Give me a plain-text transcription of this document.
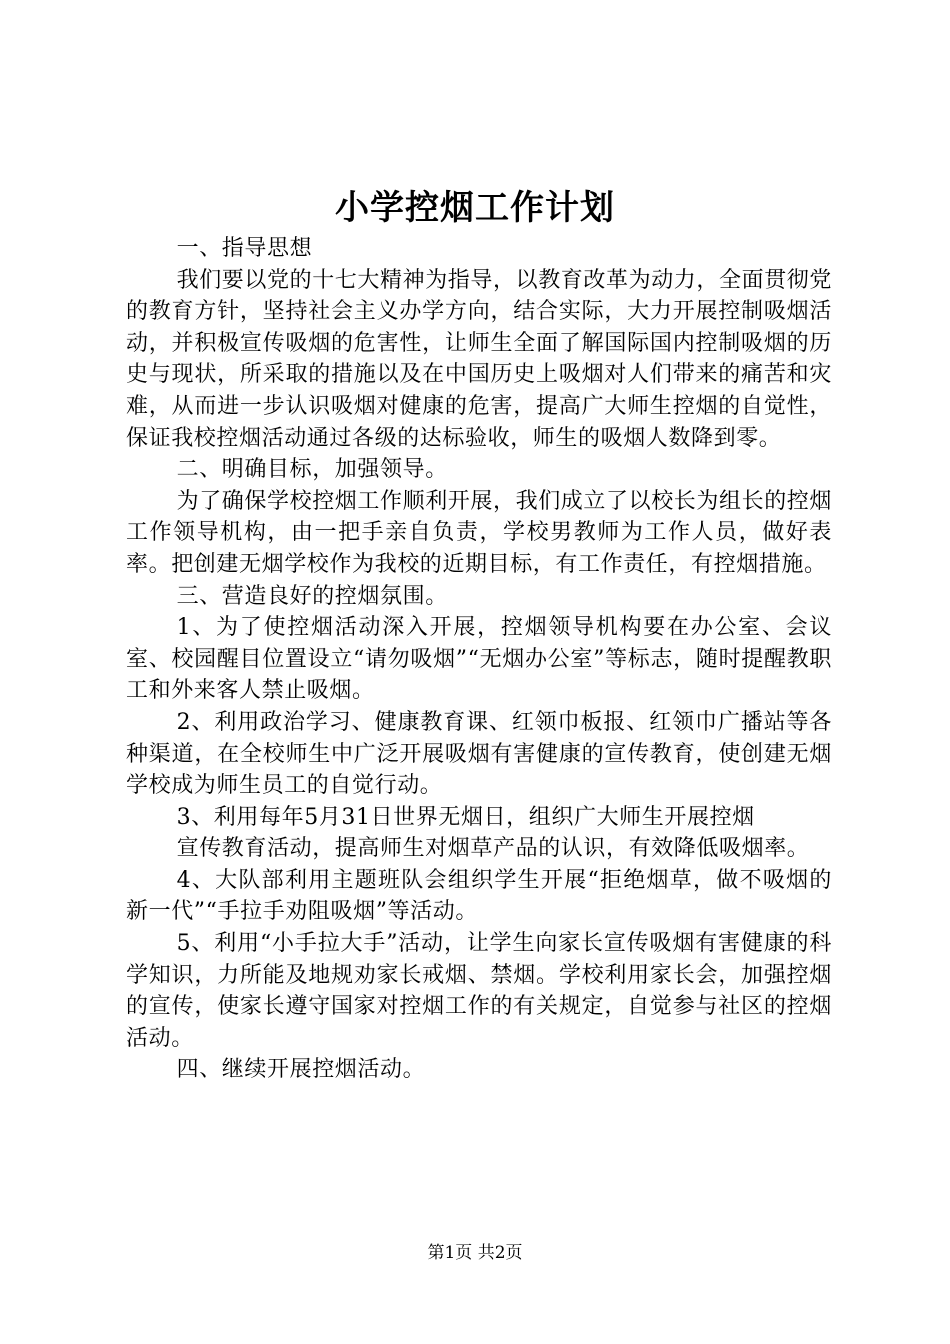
小学控烟工作计划

一、指导思想

我们要以党的十七大精神为指导，以教育改革为动力，全面贯彻党的教育方针，坚持社会主义办学方向，结合实际，大力开展控制吸烟活动，并积极宣传吸烟的危害性，让师生全面了解国际国内控制吸烟的历史与现状，所采取的措施以及在中国历史上吸烟对人们带来的痛苦和灾难，从而进一步认识吸烟对健康的危害，提高广大师生控烟的自觉性，保证我校控烟活动通过各级的达标验收，师生的吸烟人数降到零。

二、明确目标，加强领导。

为了确保学校控烟工作顺利开展，我们成立了以校长为组长的控烟工作领导机构，由一把手亲自负责，学校男教师为工作人员，做好表率。把创建无烟学校作为我校的近期目标，有工作责任，有控烟措施。

三、营造良好的控烟氛围。

1、为了使控烟活动深入开展，控烟领导机构要在办公室、会议室、校园醒目位置设立“请勿吸烟”“无烟办公室”等标志，随时提醒教职工和外来客人禁止吸烟。

2、利用政治学习、健康教育课、红领巾板报、红领巾广播站等各种渠道，在全校师生中广泛开展吸烟有害健康的宣传教育，使创建无烟学校成为师生员工的自觉行动。

3、利用每年5月31日世界无烟日，组织广大师生开展控烟

宣传教育活动，提高师生对烟草产品的认识，有效降低吸烟率。

4、大队部利用主题班队会组织学生开展“拒绝烟草，做不吸烟的新一代”“手拉手劝阻吸烟”等活动。

5、利用“小手拉大手”活动，让学生向家长宣传吸烟有害健康的科学知识，力所能及地规劝家长戒烟、禁烟。学校利用家长会，加强控烟的宣传，使家长遵守国家对控烟工作的有关规定，自觉参与社区的控烟活动。

四、继续开展控烟活动。

第1页 共2页
